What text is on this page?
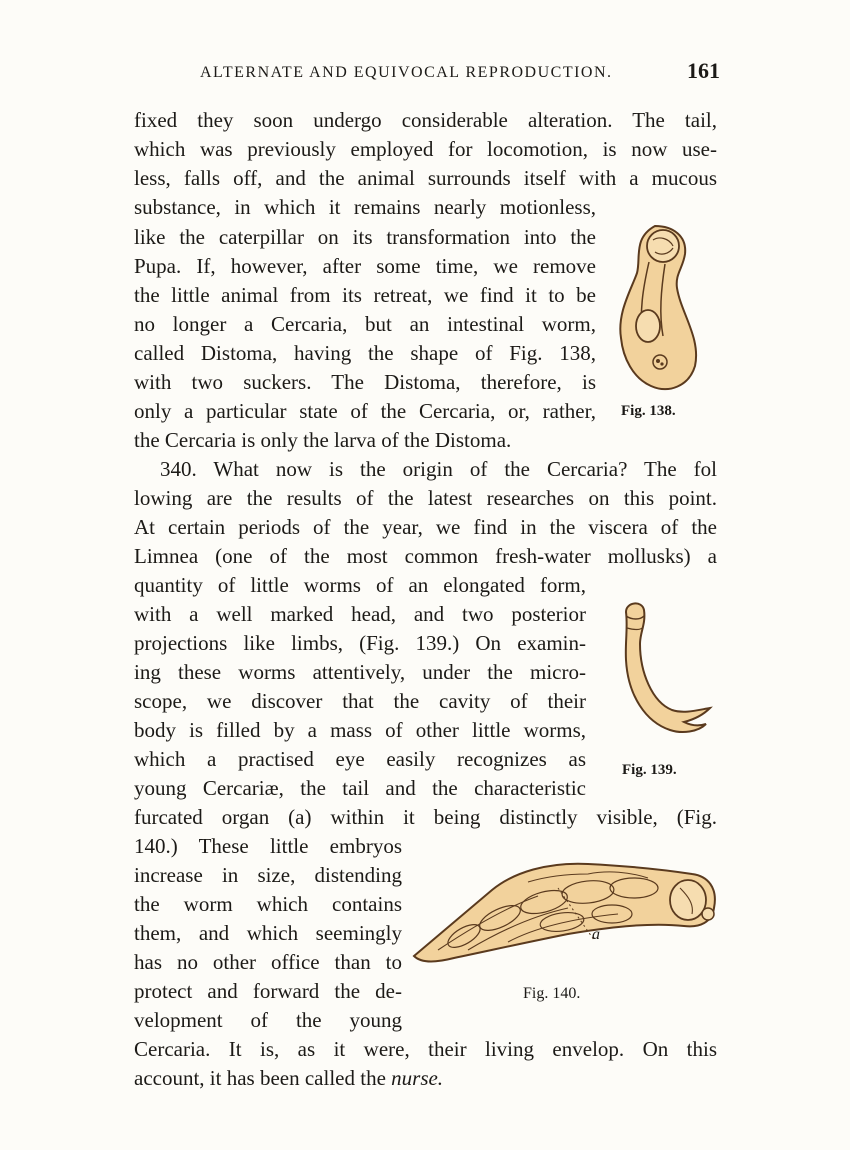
ALTERNATE AND EQUIVOCAL REPRODUCTION.	161
fixed they soon undergo considerable alteration. The tail,
which was previously employed for locomotion, is now use-
less, falls off, and the animal surrounds itself with a mucous
substance, in which it remains nearly motionless,
like the caterpillar on its transformation into the
Pupa. If, however, after some time, we remove
the little animal from its retreat, we find it to be
no longer a Cercaria, but an intestinal worm,
called Distoma, having the shape of Fig. 138,
with two suckers. The Distoma, therefore, is
only a particular state of the Cercaria, or, rather,
the Cercaria is only the larva of the Distoma.
340. What now is the origin of the Cercaria? The fol
lowing are the results of the latest researches on this point.
At certain periods of the year, we find in the viscera of the
Limnea (one of the most common fresh-water mollusks) a
quantity of little worms of an elongated form,
with a well marked head, and two posterior
projections like limbs, (Fig. 139.) On examin-
ing these worms attentively, under the micro-
scope, we discover that the cavity of their
body is filled by a mass of other little worms,
which a practised eye easily recognizes as
young Cercariæ, the tail and the characteristic
furcated organ (a) within it being distinctly visible, (Fig.
140.) These little embryos
increase in size, distending
the worm which contains
them, and which seemingly
has no other office than to
protect and forward the de-
velopment of the young
Cercaria. It is, as it were, their living envelop. On this
account, it has been called the nurse.
Fig. 138.
Fig. 139.
a
Fig. 140.
